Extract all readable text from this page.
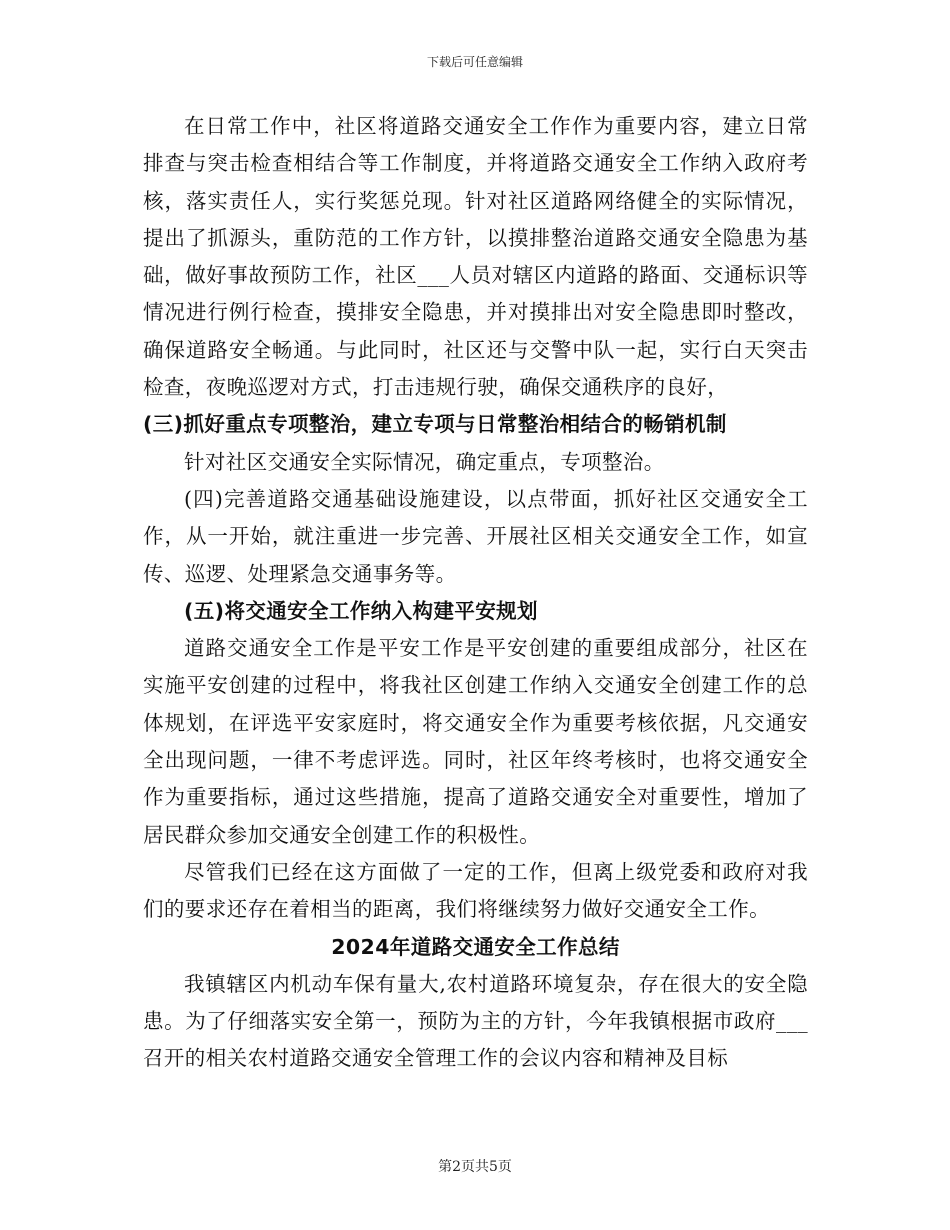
下载后可任意编辑

在日常工作中，社区将道路交通安全工作作为重要内容，建立日常排查与突击检查相结合等工作制度，并将道路交通安全工作纳入政府考核，落实责任人，实行奖惩兑现。针对社区道路网络健全的实际情况，提出了抓源头，重防范的工作方针，以摸排整治道路交通安全隐患为基础，做好事故预防工作，社区___人员对辖区内道路的路面、交通标识等情况进行例行检查，摸排安全隐患，并对摸排出对安全隐患即时整改，确保道路安全畅通。与此同时，社区还与交警中队一起，实行白天突击检查，夜晚巡逻对方式，打击违规行驶，确保交通秩序的良好，

(三)抓好重点专项整治，建立专项与日常整治相结合的畅销机制

针对社区交通安全实际情况，确定重点，专项整治。

(四)完善道路交通基础设施建设，以点带面，抓好社区交通安全工作，从一开始，就注重进一步完善、开展社区相关交通安全工作，如宣传、巡逻、处理紧急交通事务等。

(五)将交通安全工作纳入构建平安规划

道路交通安全工作是平安工作是平安创建的重要组成部分，社区在实施平安创建的过程中，将我社区创建工作纳入交通安全创建工作的总体规划，在评选平安家庭时，将交通安全作为重要考核依据，凡交通安全出现问题，一律不考虑评选。同时，社区年终考核时，也将交通安全作为重要指标，通过这些措施，提高了道路交通安全对重要性，增加了居民群众参加交通安全创建工作的积极性。

尽管我们已经在这方面做了一定的工作，但离上级党委和政府对我们的要求还存在着相当的距离，我们将继续努力做好交通安全工作。

2024年道路交通安全工作总结

我镇辖区内机动车保有量大,农村道路环境复杂，存在很大的安全隐患。为了仔细落实安全第一，预防为主的方针，今年我镇根据市政府___召开的相关农村道路交通安全管理工作的会议内容和精神及目标

第2页共5页
